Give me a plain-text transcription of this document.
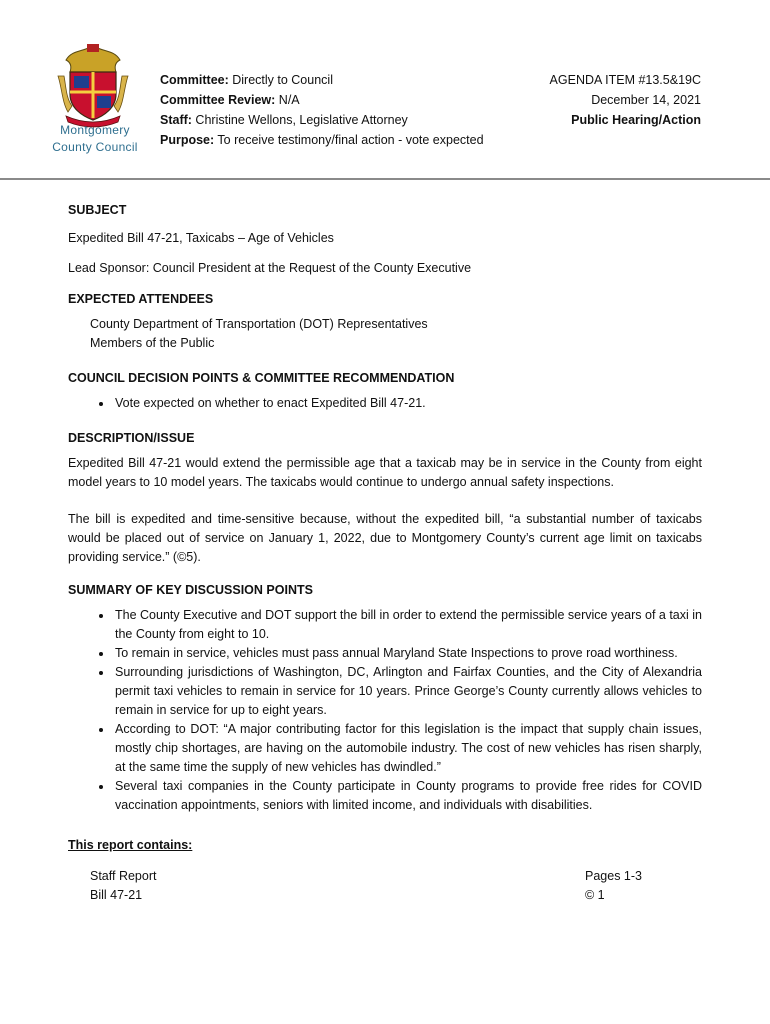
Montgomery
County Council
Committee: Directly to Council
Committee Review: N/A
Staff: Christine Wellons, Legislative Attorney
Purpose: To receive testimony/final action - vote expected
AGENDA ITEM #13.5&19C
December 14, 2021
Public Hearing/Action

SUBJECT

Expedited Bill 47-21, Taxicabs – Age of Vehicles

Lead Sponsor: Council President at the Request of the County Executive

EXPECTED ATTENDEES

County Department of Transportation (DOT) Representatives
Members of the Public

COUNCIL DECISION POINTS & COMMITTEE RECOMMENDATION

• Vote expected on whether to enact Expedited Bill 47-21.

DESCRIPTION/ISSUE

Expedited Bill 47-21 would extend the permissible age that a taxicab may be in service in the County from eight model years to 10 model years. The taxicabs would continue to undergo annual safety inspections.

The bill is expedited and time-sensitive because, without the expedited bill, “a substantial number of taxicabs would be placed out of service on January 1, 2022, due to Montgomery County’s current age limit on taxicabs providing service.” (©5).

SUMMARY OF KEY DISCUSSION POINTS

• The County Executive and DOT support the bill in order to extend the permissible service years of a taxi in the County from eight to 10.
• To remain in service, vehicles must pass annual Maryland State Inspections to prove road worthiness.
• Surrounding jurisdictions of Washington, DC, Arlington and Fairfax Counties, and the City of Alexandria permit taxi vehicles to remain in service for 10 years. Prince George’s County currently allows vehicles to remain in service for up to eight years.
• According to DOT: “A major contributing factor for this legislation is the impact that supply chain issues, mostly chip shortages, are having on the automobile industry. The cost of new vehicles has risen sharply, at the same time the supply of new vehicles has dwindled.”
• Several taxi companies in the County participate in County programs to provide free rides for COVID vaccination appointments, seniors with limited income, and individuals with disabilities.

This report contains:

Staff Report	Pages 1-3
Bill 47-21	© 1
